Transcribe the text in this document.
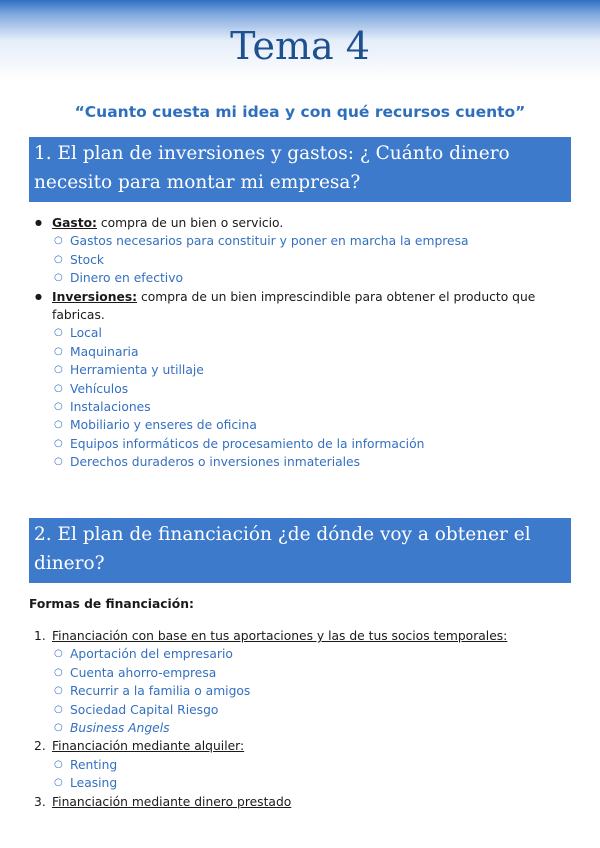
Tema 4
“Cuanto cuesta mi idea y con qué recursos cuento”
1. El plan de inversiones y gastos: ¿ Cuánto dinero
necesito para montar mi empresa?
● Gasto: compra de un bien o servicio.
○ Gastos necesarios para constituir y poner en marcha la empresa
○ Stock
○ Dinero en efectivo
● Inversiones: compra de un bien imprescindible para obtener el producto que fabricas.
○ Local
○ Maquinaria
○ Herramienta y utillaje
○ Vehículos
○ Instalaciones
○ Mobiliario y enseres de oficina
○ Equipos informáticos de procesamiento de la información
○ Derechos duraderos o inversiones inmateriales
2. El plan de financiación ¿de dónde voy a obtener el
dinero?
Formas de financiación:
1. Financiación con base en tus aportaciones y las de tus socios temporales:
○ Aportación del empresario
○ Cuenta ahorro-empresa
○ Recurrir a la familia o amigos
○ Sociedad Capital Riesgo
○ Business Angels
2. Financiación mediante alquiler:
○ Renting
○ Leasing
3. Financiación mediante dinero prestado
